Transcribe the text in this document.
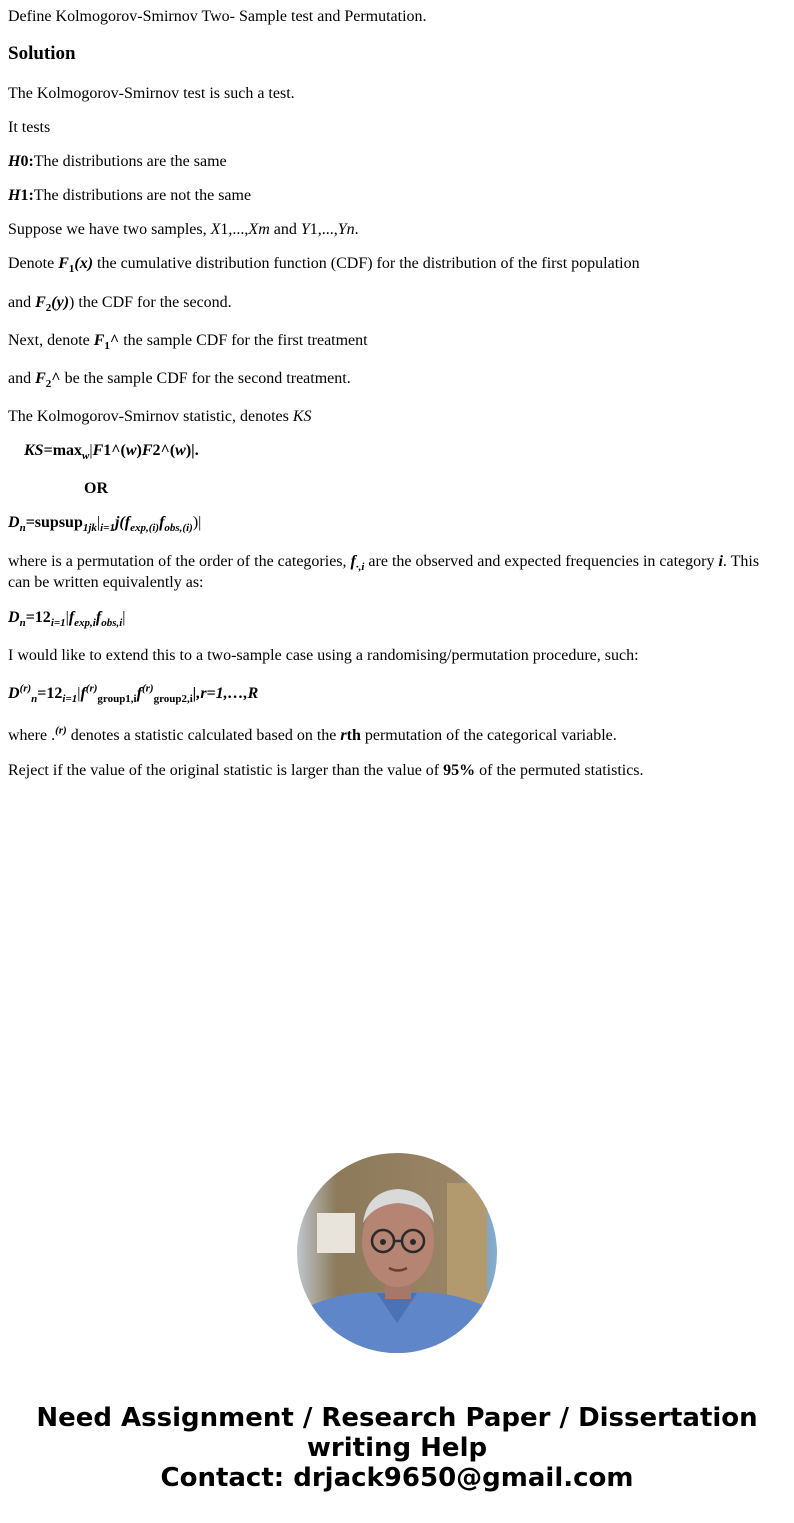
Define Kolmogorov-Smirnov Two- Sample test and Permutation.
Solution
The Kolmogorov-Smirnov test is such a test.
It tests
H0:The distributions are the same
H1:The distributions are not the same
Suppose we have two samples, X1,...,Xm and Y1,...,Yn.
Denote $F_1(x)$ the cumulative distribution function (CDF) for the distribution of the first population
and $F_2(y)$) the CDF for the second.
Next, denote $F_1\^{}$ the sample CDF for the first treatment
and $F_2\^{}$ be the sample CDF for the second treatment.
The Kolmogorov-Smirnov statistic, denotes KS
$KS=\max_w|F1\^{}(w)F2\^{}(w)|$.
OR
$D_n=supsup_{1jk}|_{i=1}j(f_{exp,(i)}f_{obs,(i)})|$
where is a permutation of the order of the categories, $f_{\cdot,i}$ are the observed and expected frequencies in category i. This can be written equivalently as:
$D_n=12_{i=1}|f_{exp,i}f_{obs,i}|$
I would like to extend this to a two-sample case using a randomising/permutation procedure, such:
$D^{(r)}_n=12_{i=1}|f^{(r)}_{group1,i}f^{(r)}_{group2,i}|,r=1,\dots,R$
where .$^{(r)}$ denotes a statistic calculated based on the rth permutation of the categorical variable.
Reject if the value of the original statistic is larger than the value of 95% of the permuted statistics.
Need Assignment / Research Paper / Dissertation
writing Help
Contact: drjack9650@gmail.com
